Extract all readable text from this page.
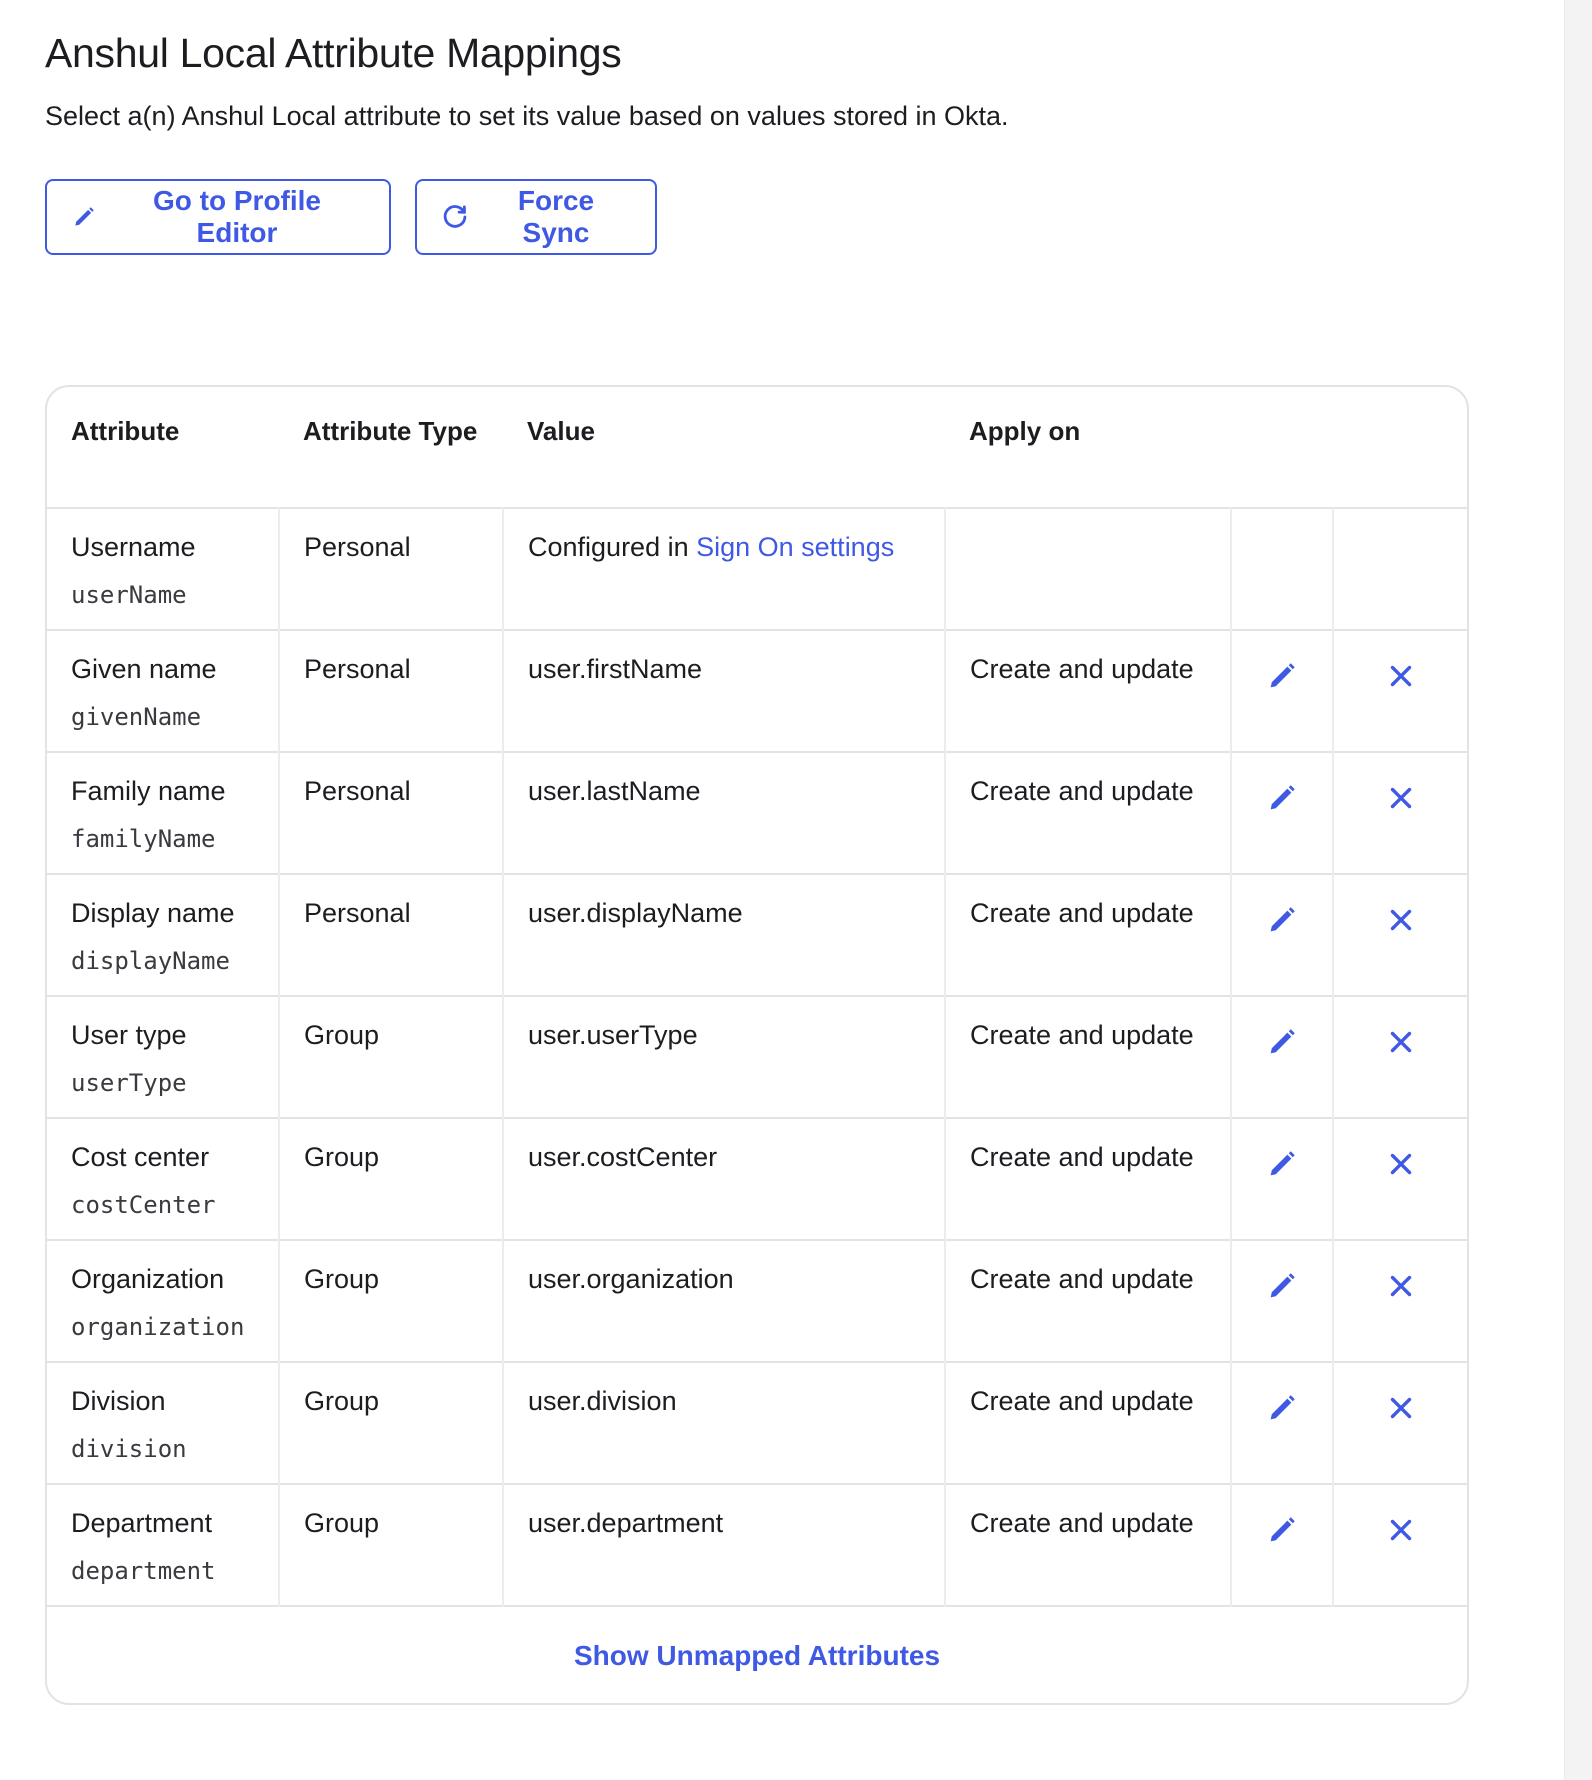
Anshul Local Attribute Mappings

Select a(n) Anshul Local attribute to set its value based on values stored in Okta.

Go to Profile Editor
Force Sync
Attribute	Attribute Type	Value	Apply on		

Username
userName	Personal	Configured in Sign On settings			

Given name
givenName	Personal	user.firstName	Create and update		

Family name
familyName	Personal	user.lastName	Create and update		

Display name
displayName	Personal	user.displayName	Create and update		

User type
userType	Group	user.userType	Create and update		

Cost center
costCenter	Group	user.costCenter	Create and update		

Organization
organization	Group	user.organization	Create and update		

Division
division	Group	user.division	Create and update		

Department
department	Group	user.department	Create and update		
Show Unmapped Attributes
